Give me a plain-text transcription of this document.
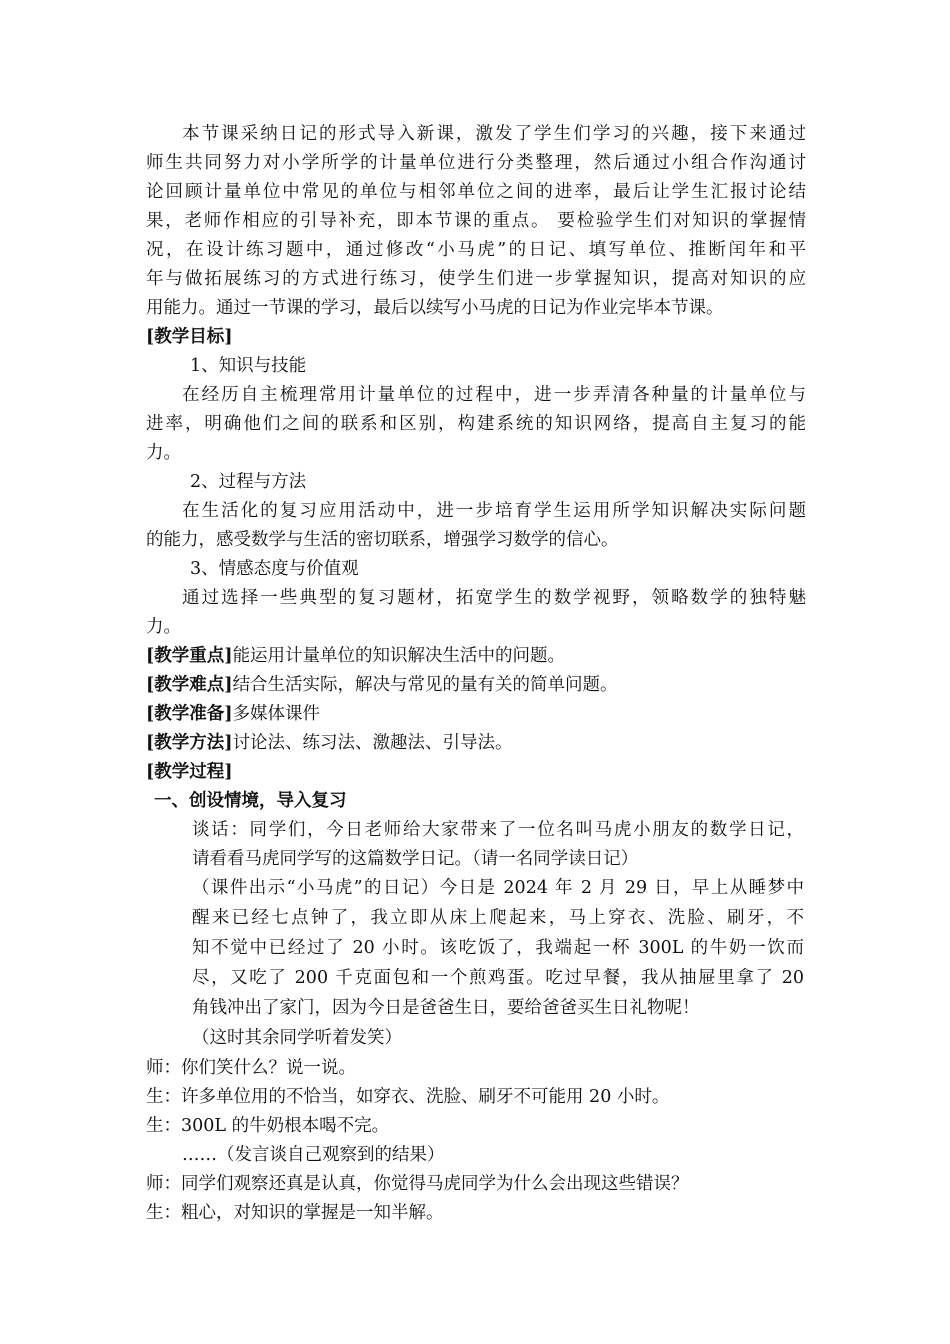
本节课采纳日记的形式导入新课，激发了学生们学习的兴趣，接下来通过
师生共同努力对小学所学的计量单位进行分类整理，然后通过小组合作沟通讨
论回顾计量单位中常见的单位与相邻单位之间的进率，最后让学生汇报讨论结
果，老师作相应的引导补充，即本节课的重点。 要检验学生们对知识的掌握情
况，在设计练习题中，通过修改“小马虎”的日记、填写单位、推断闰年和平
年与做拓展练习的方式进行练习，使学生们进一步掌握知识，提高对知识的应
用能力。通过一节课的学习，最后以续写小马虎的日记为作业完毕本节课。
[教学目标]
1、知识与技能
在经历自主梳理常用计量单位的过程中，进一步弄清各种量的计量单位与
进率，明确他们之间的联系和区别，构建系统的知识网络，提高自主复习的能
力。
2、过程与方法
在生活化的复习应用活动中，进一步培育学生运用所学知识解决实际问题
的能力，感受数学与生活的密切联系，增强学习数学的信心。
3、情感态度与价值观
通过选择一些典型的复习题材，拓宽学生的数学视野，领略数学的独特魅
力。
[教学重点]能运用计量单位的知识解决生活中的问题。
[教学难点]结合生活实际，解决与常见的量有关的简单问题。
[教学准备]多媒体课件
[教学方法]讨论法、练习法、激趣法、引导法。
[教学过程]
一、创设情境，导入复习
谈话：同学们，今日老师给大家带来了一位名叫马虎小朋友的数学日记，
请看看马虎同学写的这篇数学日记。（请一名同学读日记）
（课件出示“小马虎”的日记）今日是 2024 年 2 月 29 日，早上从睡梦中
醒来已经七点钟了，我立即从床上爬起来，马上穿衣、洗脸、刷牙，不
知不觉中已经过了 20 小时。该吃饭了，我端起一杯 300L 的牛奶一饮而
尽，又吃了 200 千克面包和一个煎鸡蛋。吃过早餐，我从抽屉里拿了 20
角钱冲出了家门，因为今日是爸爸生日，要给爸爸买生日礼物呢！
（这时其余同学听着发笑）
师：你们笑什么？说一说。
生：许多单位用的不恰当，如穿衣、洗脸、刷牙不可能用 20 小时。
生：300L 的牛奶根本喝不完。
……（发言谈自己观察到的结果）
师：同学们观察还真是认真，你觉得马虎同学为什么会出现这些错误？
生：粗心，对知识的掌握是一知半解。
